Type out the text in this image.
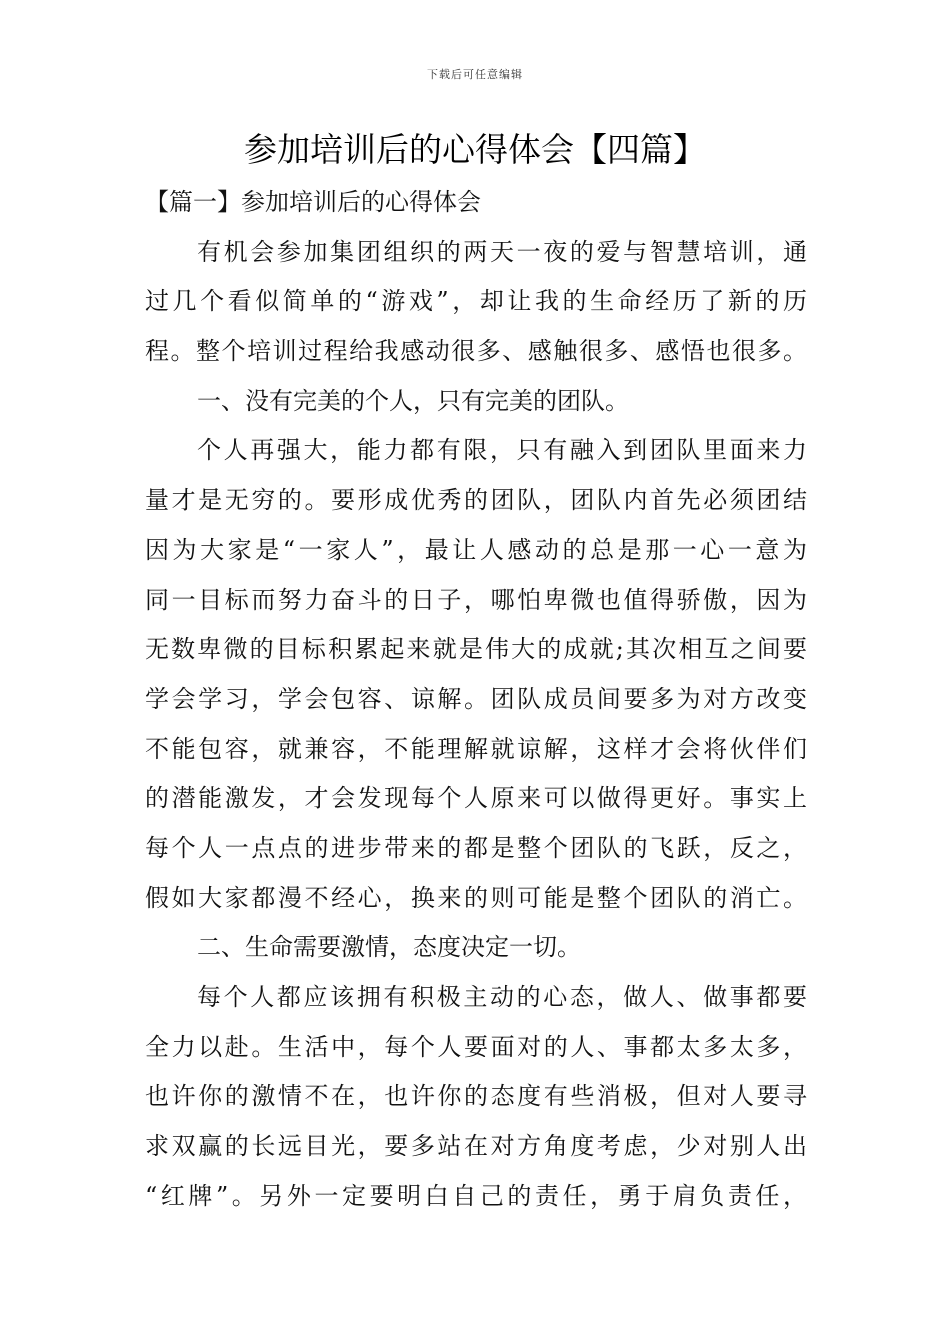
下载后可任意编辑
参加培训后的心得体会【四篇】
【篇一】参加培训后的心得体会
有机会参加集团组织的两天一夜的爱与智慧培训，通
过几个看似简单的“游戏”，却让我的生命经历了新的历
程。整个培训过程给我感动很多、感触很多、感悟也很多。
一、没有完美的个人，只有完美的团队。
个人再强大，能力都有限，只有融入到团队里面来力
量才是无穷的。要形成优秀的团队，团队内首先必须团结
因为大家是“一家人”，最让人感动的总是那一心一意为
同一目标而努力奋斗的日子，哪怕卑微也值得骄傲，因为
无数卑微的目标积累起来就是伟大的成就;其次相互之间要
学会学习，学会包容、谅解。团队成员间要多为对方改变
不能包容，就兼容，不能理解就谅解，这样才会将伙伴们
的潜能激发，才会发现每个人原来可以做得更好。事实上
每个人一点点的进步带来的都是整个团队的飞跃，反之，
假如大家都漫不经心，换来的则可能是整个团队的消亡。
二、生命需要激情，态度决定一切。
每个人都应该拥有积极主动的心态，做人、做事都要
全力以赴。生活中，每个人要面对的人、事都太多太多，
也许你的激情不在，也许你的态度有些消极，但对人要寻
求双赢的长远目光，要多站在对方角度考虑，少对别人出
“红牌”。另外一定要明白自己的责任，勇于肩负责任，
